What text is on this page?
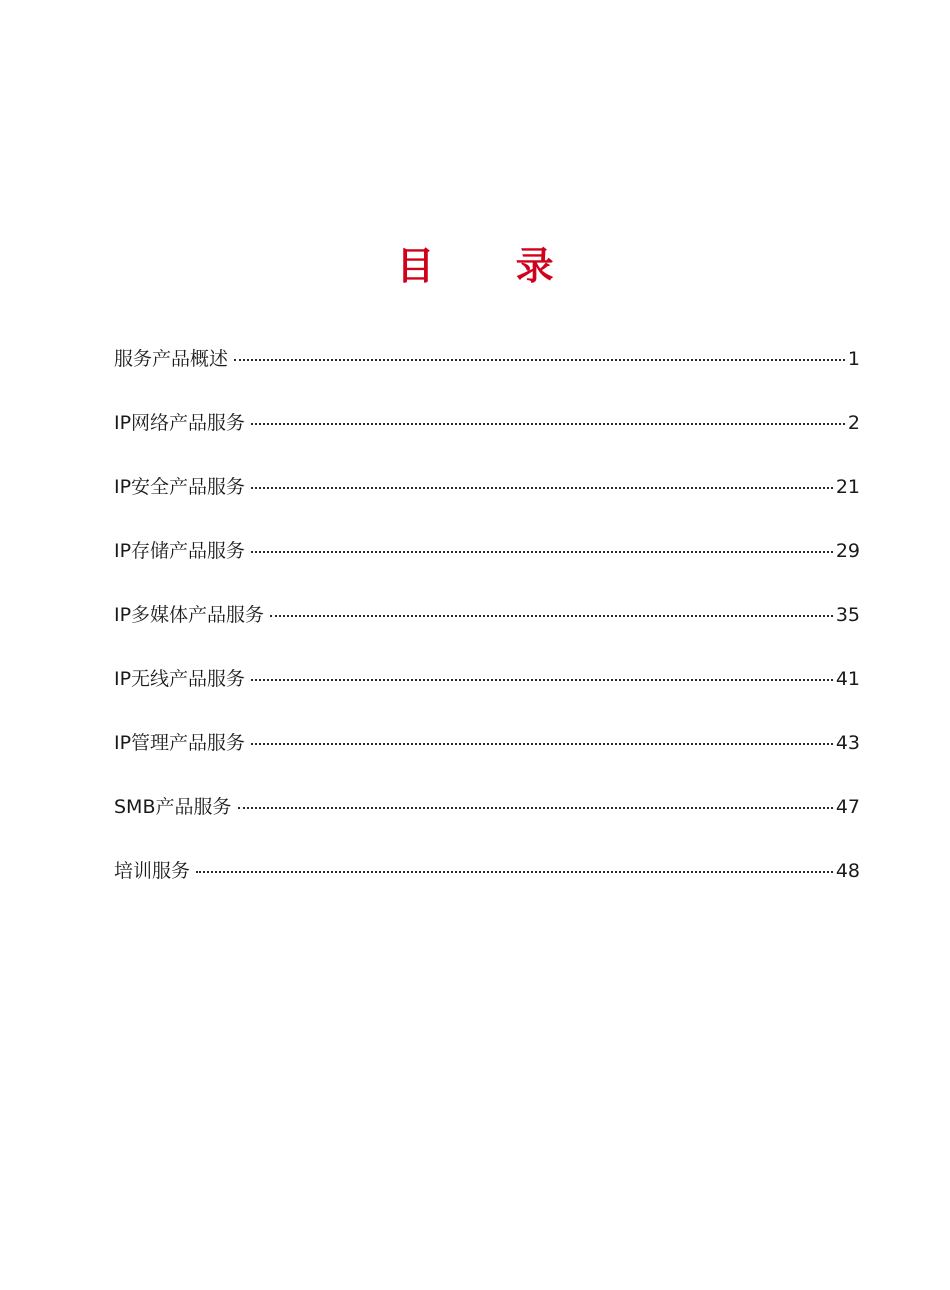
目 录
服务产品概述	1
IP网络产品服务	2
IP安全产品服务	21
IP存储产品服务	29
IP多媒体产品服务	35
IP无线产品服务	41
IP管理产品服务	43
SMB产品服务	47
培训服务	48
